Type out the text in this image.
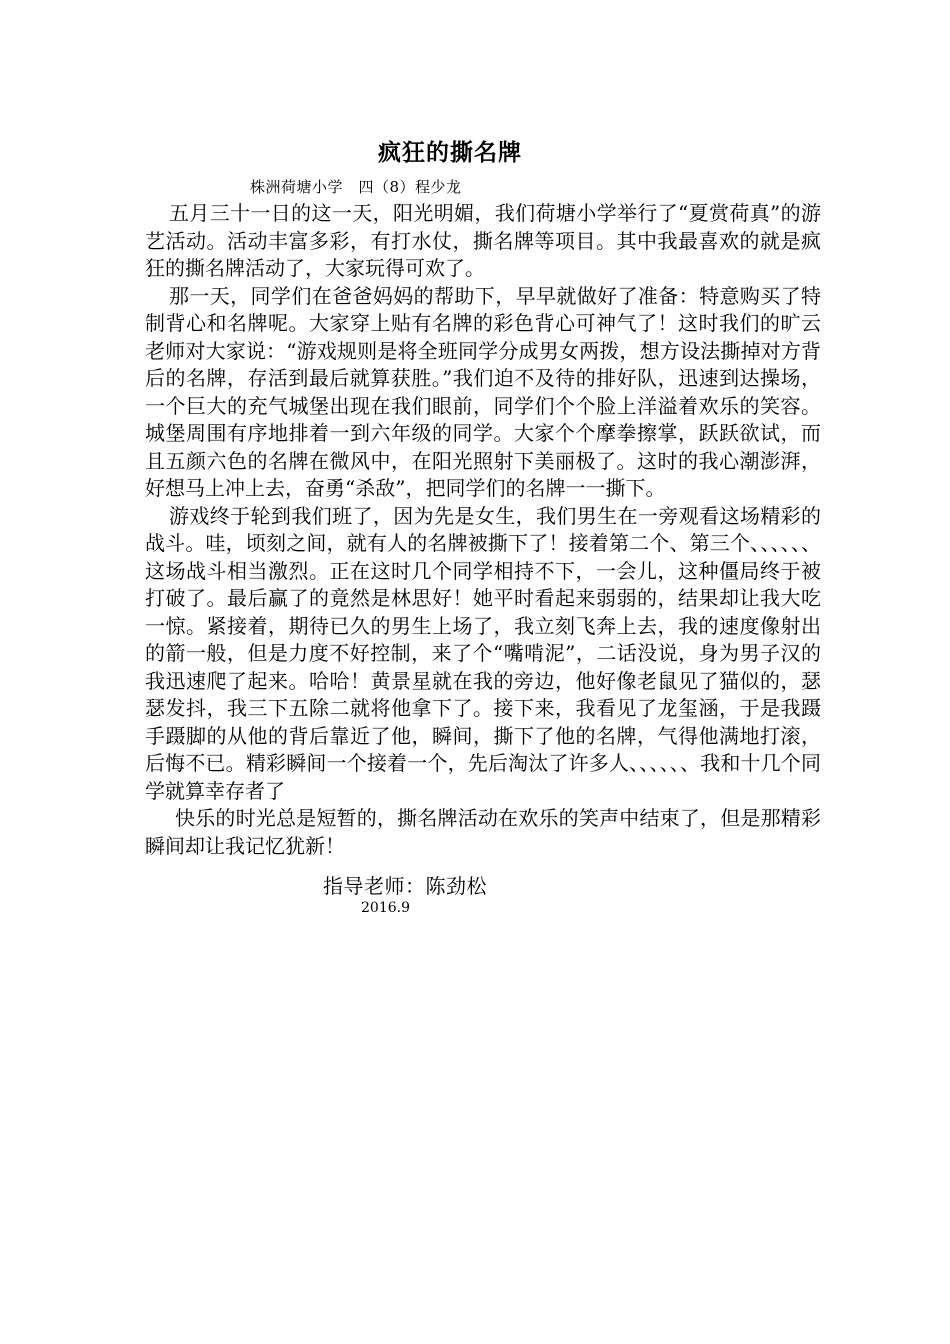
疯狂的撕名牌
株洲荷塘小学　四（8）程少龙

五月三十一日的这一天，阳光明媚，我们荷塘小学举行了“夏赏荷真”的游艺活动。活动丰富多彩，有打水仗，撕名牌等项目。其中我最喜欢的就是疯狂的撕名牌活动了，大家玩得可欢了。

那一天，同学们在爸爸妈妈的帮助下，早早就做好了准备：特意购买了特制背心和名牌呢。大家穿上贴有名牌的彩色背心可神气了！这时我们的旷云老师对大家说：“游戏规则是将全班同学分成男女两拨，想方设法撕掉对方背后的名牌，存活到最后就算获胜。”我们迫不及待的排好队，迅速到达操场，一个巨大的充气城堡出现在我们眼前，同学们个个脸上洋溢着欢乐的笑容。城堡周围有序地排着一到六年级的同学。大家个个摩拳擦掌，跃跃欲试，而且五颜六色的名牌在微风中，在阳光照射下美丽极了。这时的我心潮澎湃，好想马上冲上去，奋勇“杀敌”，把同学们的名牌一一撕下。

游戏终于轮到我们班了，因为先是女生，我们男生在一旁观看这场精彩的战斗。哇，顷刻之间，就有人的名牌被撕下了！接着第二个、第三个、、、、、、这场战斗相当激烈。正在这时几个同学相持不下，一会儿，这种僵局终于被打破了。最后赢了的竟然是林思好！她平时看起来弱弱的，结果却让我大吃一惊。紧接着，期待已久的男生上场了，我立刻飞奔上去，我的速度像射出的箭一般，但是力度不好控制，来了个“嘴啃泥”，二话没说，身为男子汉的我迅速爬了起来。哈哈！黄景星就在我的旁边，他好像老鼠见了猫似的，瑟瑟发抖，我三下五除二就将他拿下了。接下来，我看见了龙玺涵，于是我蹑手蹑脚的从他的背后靠近了他，瞬间，撕下了他的名牌，气得他满地打滚，后悔不已。精彩瞬间一个接着一个，先后淘汰了许多人、、、、、、我和十几个同学就算幸存者了

快乐的时光总是短暂的，撕名牌活动在欢乐的笑声中结束了，但是那精彩瞬间却让我记忆犹新！

指导老师：陈劲松
2016.9
